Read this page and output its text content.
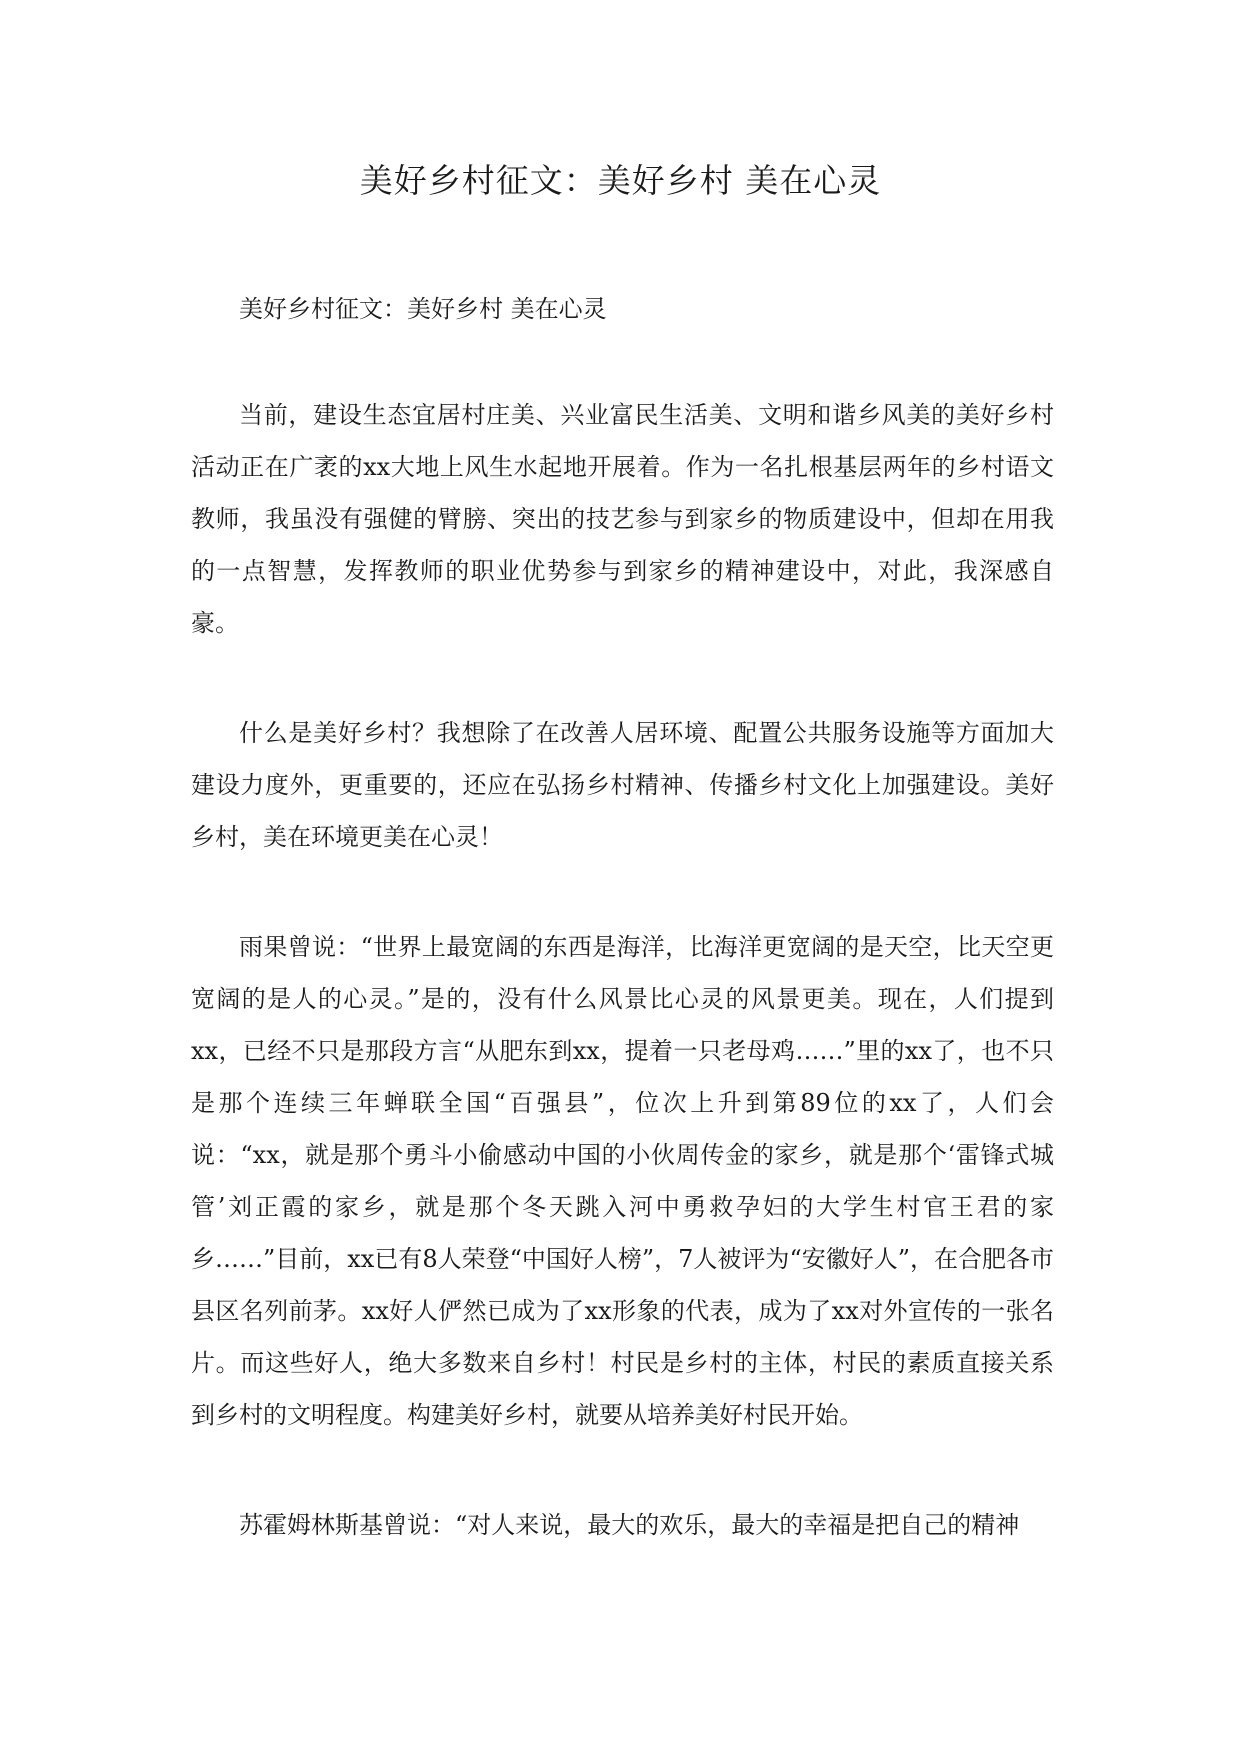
美好乡村征文：美好乡村 美在心灵

美好乡村征文：美好乡村 美在心灵

当前，建设生态宜居村庄美、兴业富民生活美、文明和谐乡风美的美好乡村活动正在广袤的xx大地上风生水起地开展着。作为一名扎根基层两年的乡村语文教师，我虽没有强健的臂膀、突出的技艺参与到家乡的物质建设中，但却在用我的一点智慧，发挥教师的职业优势参与到家乡的精神建设中，对此，我深感自豪。

什么是美好乡村？我想除了在改善人居环境、配置公共服务设施等方面加大建设力度外，更重要的，还应在弘扬乡村精神、传播乡村文化上加强建设。美好乡村，美在环境更美在心灵！

雨果曾说：“世界上最宽阔的东西是海洋，比海洋更宽阔的是天空，比天空更宽阔的是人的心灵。”是的，没有什么风景比心灵的风景更美。现在，人们提到xx，已经不只是那段方言“从肥东到xx，提着一只老母鸡……”里的xx了，也不只是那个连续三年蝉联全国“百强县”，位次上升到第89位的xx了，人们会说：“xx，就是那个勇斗小偷感动中国的小伙周传金的家乡，就是那个‘雷锋式城管’刘正霞的家乡，就是那个冬天跳入河中勇救孕妇的大学生村官王君的家乡……”目前，xx已有8人荣登“中国好人榜”，7人被评为“安徽好人”，在合肥各市县区名列前茅。xx好人俨然已成为了xx形象的代表，成为了xx对外宣传的一张名片。而这些好人，绝大多数来自乡村！村民是乡村的主体，村民的素质直接关系到乡村的文明程度。构建美好乡村，就要从培养美好村民开始。

苏霍姆林斯基曾说：“对人来说，最大的欢乐，最大的幸福是把自己的精神
